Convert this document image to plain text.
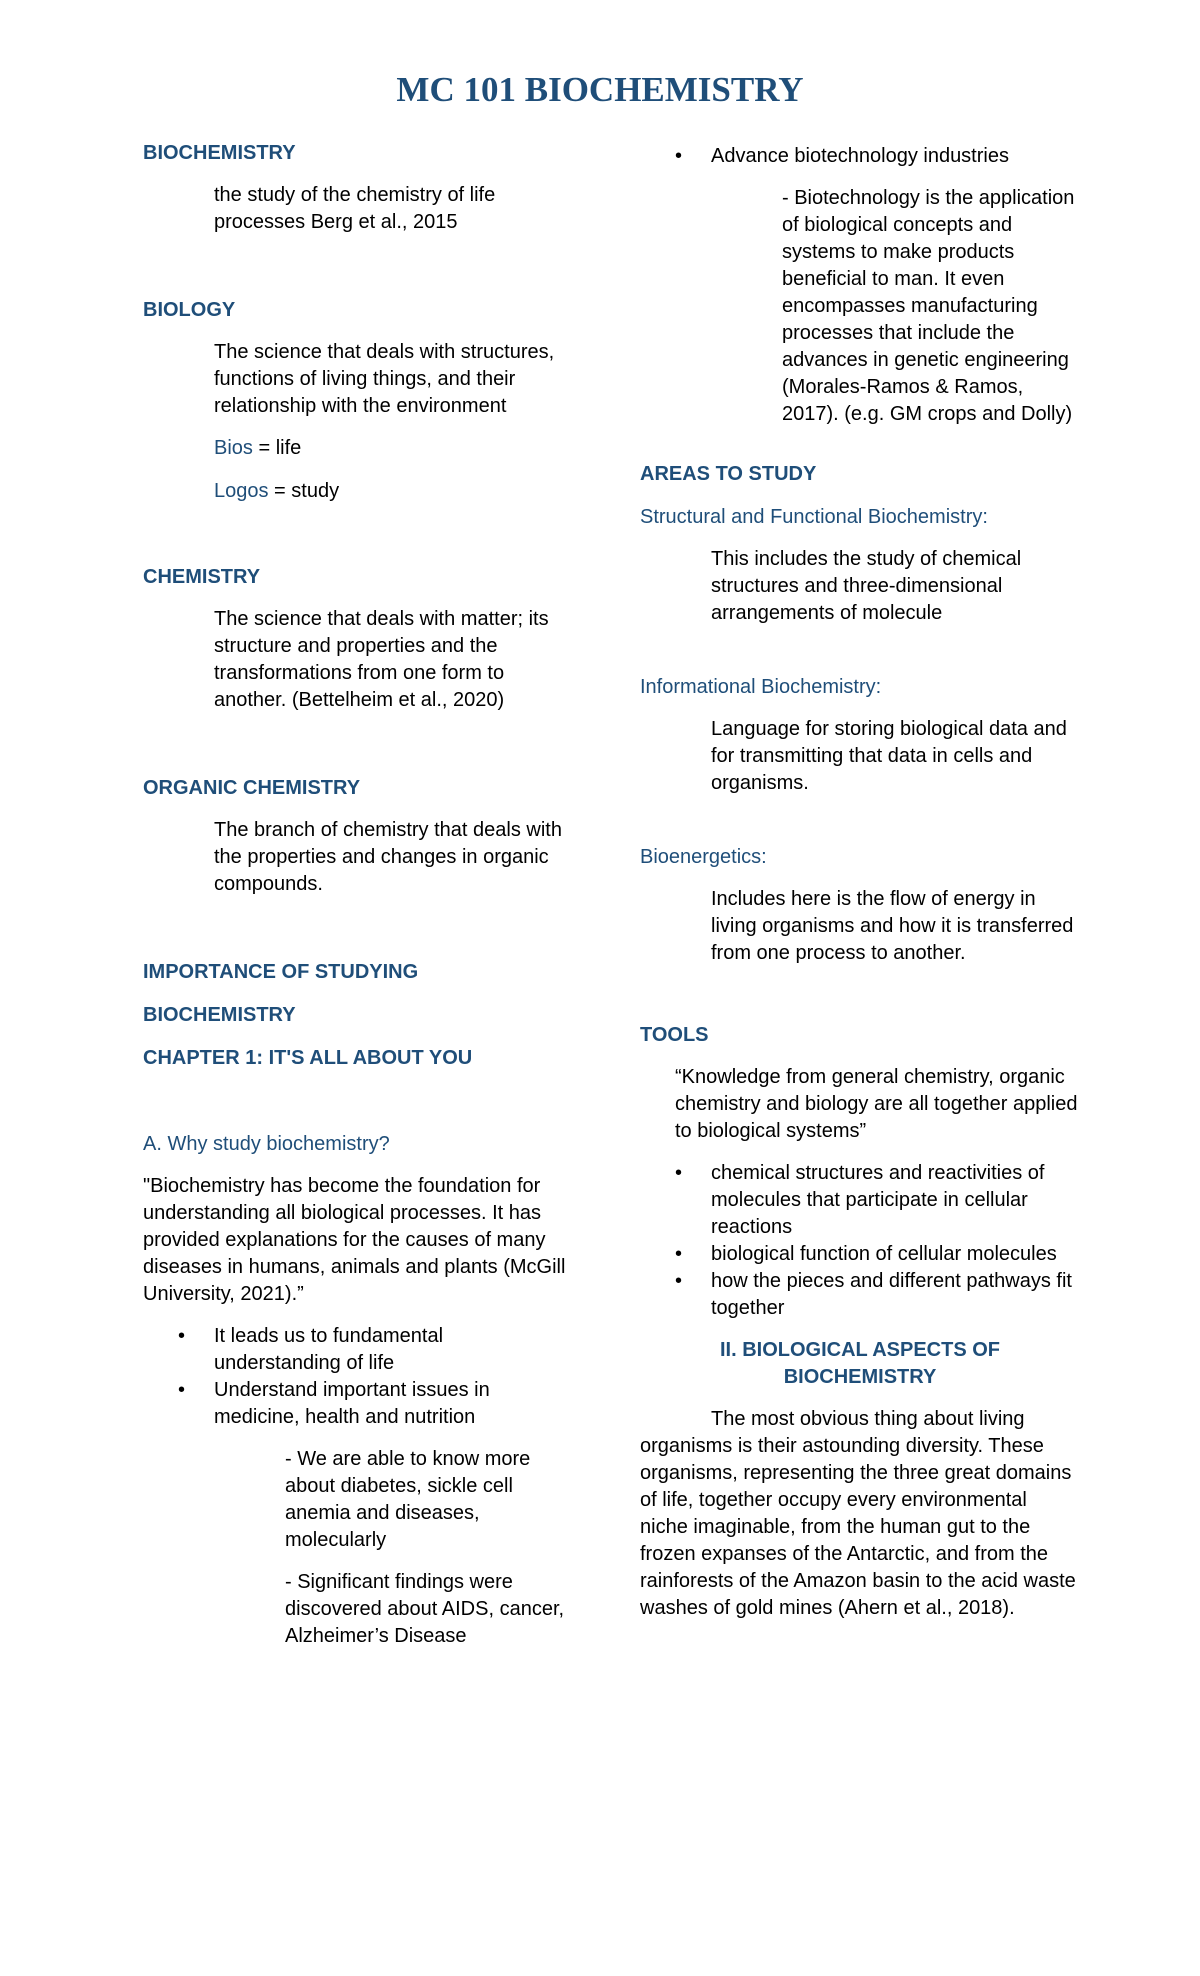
MC 101 BIOCHEMISTRY

BIOCHEMISTRY

the study of the chemistry of life processes Berg et al., 2015

BIOLOGY

The science that deals with structures, functions of living things, and their relationship with the environment

Bios = life

Logos = study

CHEMISTRY

The science that deals with matter; its structure and properties and the transformations from one form to another. (Bettelheim et al., 2020)

ORGANIC CHEMISTRY

The branch of chemistry that deals with the properties and changes in organic compounds.

IMPORTANCE OF STUDYING

BIOCHEMISTRY

CHAPTER 1: IT'S ALL ABOUT YOU

A. Why study biochemistry?

"Biochemistry has become the foundation for understanding all biological processes. It has provided explanations for the causes of many diseases in humans, animals and plants (McGill University, 2021).”

• It leads us to fundamental understanding of life

• Understand important issues in medicine, health and nutrition

- We are able to know more about diabetes, sickle cell anemia and diseases, molecularly

- Significant findings were discovered about AIDS, cancer, Alzheimer’s Disease

• Advance biotechnology industries

- Biotechnology is the application of biological concepts and systems to make products beneficial to man. It even encompasses manufacturing processes that include the advances in genetic engineering (Morales-Ramos & Ramos, 2017). (e.g. GM crops and Dolly)

AREAS TO STUDY

Structural and Functional Biochemistry:

This includes the study of chemical structures and three-dimensional arrangements of molecule

Informational Biochemistry:

Language for storing biological data and for transmitting that data in cells and organisms.

Bioenergetics:

Includes here is the flow of energy in living organisms and how it is transferred from one process to another.

TOOLS

“Knowledge from general chemistry, organic chemistry and biology are all together applied to biological systems”

• chemical structures and reactivities of molecules that participate in cellular reactions

• biological function of cellular molecules

• how the pieces and different pathways fit together

II. BIOLOGICAL ASPECTS OF

BIOCHEMISTRY

The most obvious thing about living organisms is their astounding diversity. These organisms, representing the three great domains of life, together occupy every environmental niche imaginable, from the human gut to the frozen expanses of the Antarctic, and from the rainforests of the Amazon basin to the acid waste washes of gold mines (Ahern et al., 2018).
